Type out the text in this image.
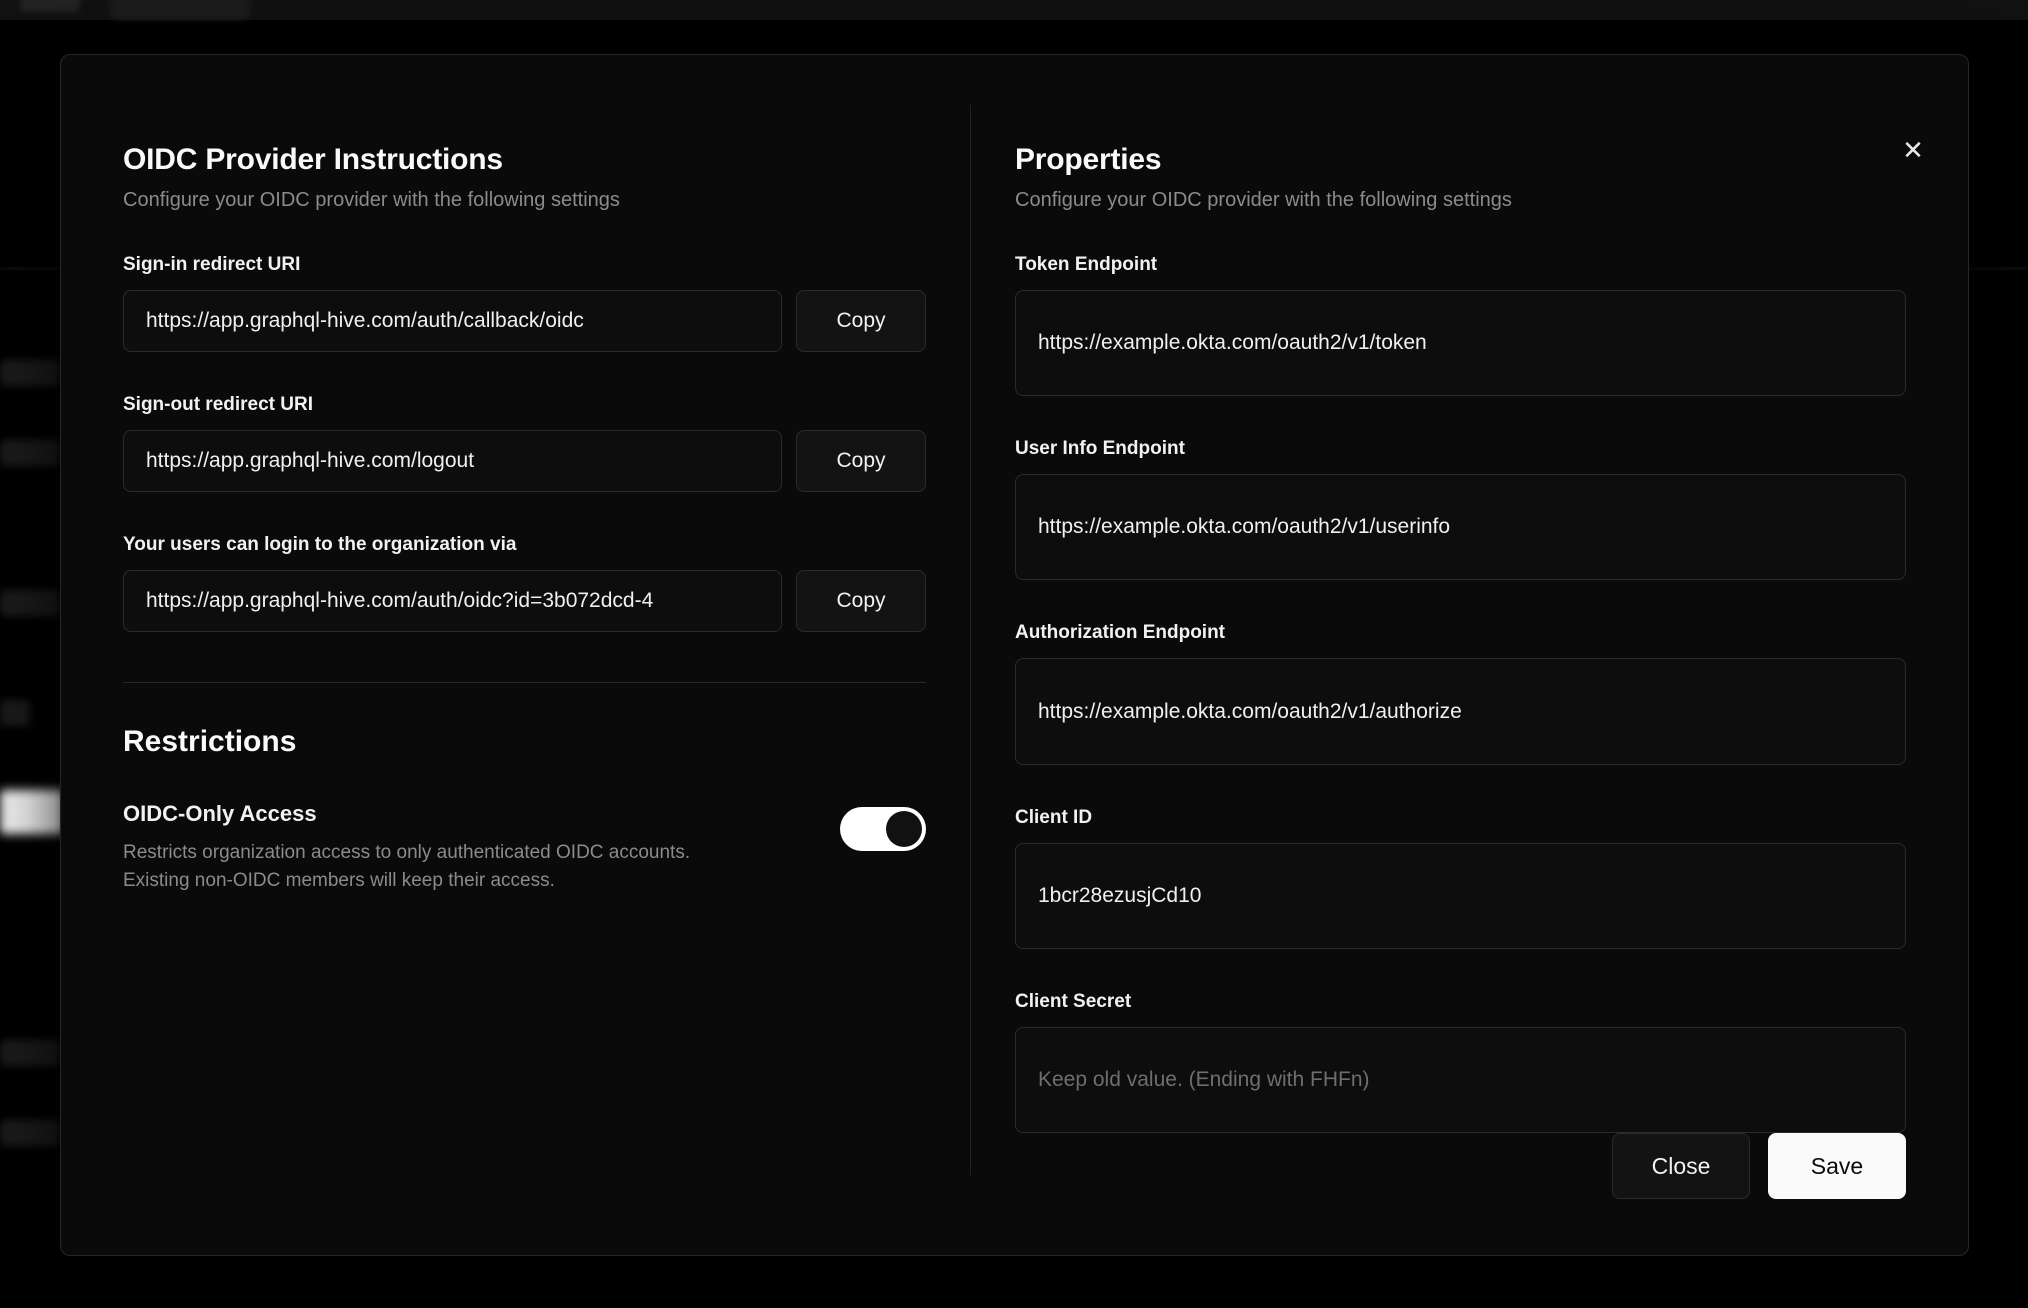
✕
OIDC Provider Instructions

Configure your OIDC provider with the following settings

Sign-in redirect URI
https://app.graphql-hive.com/auth/callback/oidc
Copy
Sign-out redirect URI
https://app.graphql-hive.com/logout
Copy
Your users can login to the organization via
https://app.graphql-hive.com/auth/oidc?id=3b072dcd-4
Copy
Restrictions
OIDC-Only Access
Restricts organization access to only authenticated OIDC accounts.
Existing non-OIDC members will keep their access.
Properties

Configure your OIDC provider with the following settings

Token Endpoint
https://example.okta.com/oauth2/v1/token
User Info Endpoint
https://example.okta.com/oauth2/v1/userinfo
Authorization Endpoint
https://example.okta.com/oauth2/v1/authorize
Client ID
1bcr28ezusjCd10
Client Secret
Keep old value. (Ending with FHFn)
Close	Save
